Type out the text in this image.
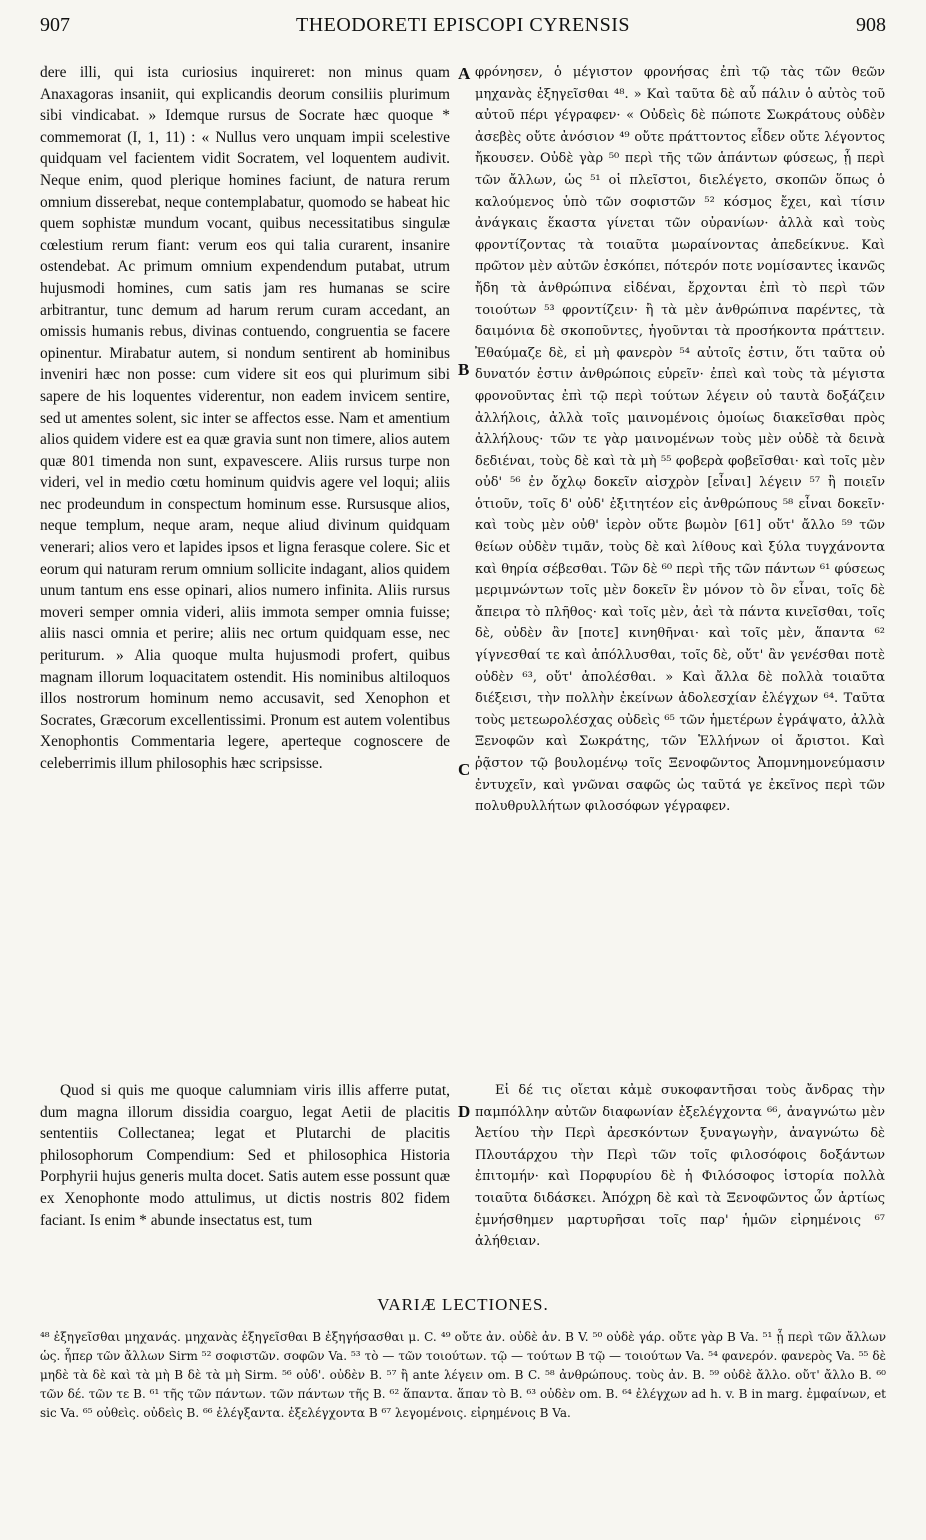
907	THEODORETI EPISCOPI CYRENSIS	908

dere illi, qui ista curiosius inquireret: non minus quam Anaxagoras insaniit, qui explicandis deorum consiliis plurimum sibi vindicabat. » Idemque rursus de Socrate hæc quoque * commemorat (I, 1, 11) : « Nullus vero unquam impii scelestive quidquam vel facientem vidit Socratem, vel loquentem audivit. Neque enim, quod plerique homines faciunt, de natura rerum omnium disserebat, neque contemplabatur, quomodo se habeat hic quem sophistæ mundum vocant, quibus necessitatibus singulæ cœlestium rerum fiant: verum eos qui talia curarent, insanire ostendebat. Ac primum omnium expendendum putabat, utrum hujusmodi homines, cum satis jam res humanas se scire arbitrantur, tunc demum ad harum rerum curam accedant, an omissis humanis rebus, divinas contuendo, congruentia se facere opinentur. Mirabatur autem, si nondum sentirent ab hominibus inveniri hæc non posse: cum videre sit eos qui plurimum sibi sapere de his loquentes viderentur, non eadem invicem sentire, sed ut amentes solent, sic inter se affectos esse. Nam et amentium alios quidem videre est ea quæ gravia sunt non timere, alios autem quæ 801 timenda non sunt, expavescere. Aliis rursus turpe non videri, vel in medio cœtu hominum quidvis agere vel loqui; aliis nec prodeundum in conspectum hominum esse. Rursusque alios, neque templum, neque aram, neque aliud divinum quidquam venerari; alios vero et lapides ipsos et ligna ferasque colere. Sic et eorum qui naturam rerum omnium sollicite indagant, alios quidem unum tantum ens esse opinari, alios numero infinita. Aliis rursus moveri semper omnia videri, aliis immota semper omnia fuisse; aliis nasci omnia et perire; aliis nec ortum quidquam esse, nec periturum. » Alia quoque multa hujusmodi profert, quibus magnam illorum loquacitatem ostendit. His nominibus altiloquos illos nostrorum hominum nemo accusavit, sed Xenophon et Socrates, Græcorum excellentissimi. Pronum est autem volentibus Xenophontis Commentaria legere, aperteque cognoscere de celeberrimis illum philosophis hæc scripsisse.

φρόνησεν, ὁ μέγιστον φρονήσας ἐπὶ τῷ τὰς τῶν θεῶν μηχανὰς ἐξηγεῖσθαι ⁴⁸. » Καὶ ταῦτα δὲ αὖ πάλιν ὁ αὐτὸς τοῦ αὐτοῦ πέρι γέγραφεν· « Οὐδεὶς δὲ πώποτε Σωκράτους οὐδὲν ἀσεβὲς οὔτε ἀνόσιον ⁴⁹ οὔτε πράττοντος εἶδεν οὔτε λέγοντος ἤκουσεν. Οὐδὲ γὰρ ⁵⁰ περὶ τῆς τῶν ἁπάντων φύσεως, ᾗ περὶ τῶν ἄλλων, ὡς ⁵¹ οἱ πλεῖστοι, διελέγετο, σκοπῶν ὅπως ὁ καλούμενος ὑπὸ τῶν σοφιστῶν ⁵² κόσμος ἔχει, καὶ τίσιν ἀνάγκαις ἕκαστα γίνεται τῶν οὐρανίων· ἀλλὰ καὶ τοὺς φροντίζοντας τὰ τοιαῦτα μωραίνοντας ἀπεδείκνυε. Καὶ πρῶτον μὲν αὐτῶν ἐσκόπει, πότερόν ποτε νομίσαντες ἱκανῶς ἤδη τὰ ἀνθρώπινα εἰδέναι, ἔρχονται ἐπὶ τὸ περὶ τῶν τοιούτων ⁵³ φροντίζειν· ἢ τὰ μὲν ἀνθρώπινα παρέντες, τὰ δαιμόνια δὲ σκοποῦντες, ἡγοῦνται τὰ προσήκοντα πράττειν. Ἐθαύμαζε δὲ, εἰ μὴ φανερὸν ⁵⁴ αὐτοῖς ἐστιν, ὅτι ταῦτα οὐ δυνατόν ἐστιν ἀνθρώποις εὑρεῖν· ἐπεὶ καὶ τοὺς τὰ μέγιστα φρονοῦντας ἐπὶ τῷ περὶ τούτων λέγειν οὐ ταυτὰ δοξάζειν ἀλλήλοις, ἀλλὰ τοῖς μαινομένοις ὁμοίως διακεῖσθαι πρὸς ἀλλήλους· τῶν τε γὰρ μαινομένων τοὺς μὲν οὐδὲ τὰ δεινὰ δεδιέναι, τοὺς δὲ καὶ τὰ μὴ ⁵⁵ φοβερὰ φοβεῖσθαι· καὶ τοῖς μὲν οὐδ' ⁵⁶ ἐν ὄχλῳ δοκεῖν αἰσχρὸν [εἶναι] λέγειν ⁵⁷ ἢ ποιεῖν ὁτιοῦν, τοῖς δ' οὐδ' ἐξιτητέον εἰς ἀνθρώπους ⁵⁸ εἶναι δοκεῖν· καὶ τοὺς μὲν οὐθ' ἱερὸν οὔτε βωμὸν [61] οὔτ' ἄλλο ⁵⁹ τῶν θείων οὐδὲν τιμᾶν, τοὺς δὲ καὶ λίθους καὶ ξύλα τυγχάνοντα καὶ θηρία σέβεσθαι. Τῶν δὲ ⁶⁰ περὶ τῆς τῶν πάντων ⁶¹ φύσεως μεριμνώντων τοῖς μὲν δοκεῖν ἓν μόνον τὸ ὂν εἶναι, τοῖς δὲ ἄπειρα τὸ πλῆθος· καὶ τοῖς μὲν, ἀεὶ τὰ πάντα κινεῖσθαι, τοῖς δὲ, οὐδὲν ἂν [ποτε] κινηθῆναι· καὶ τοῖς μὲν, ἅπαντα ⁶² γίγνεσθαί τε καὶ ἀπόλλυσθαι, τοῖς δὲ, οὔτ' ἂν γενέσθαι ποτὲ οὐδὲν ⁶³, οὔτ' ἀπολέσθαι. » Καὶ ἄλλα δὲ πολλὰ τοιαῦτα διέξεισι, τὴν πολλὴν ἐκείνων ἀδολεσχίαν ἐλέγχων ⁶⁴. Ταῦτα τοὺς μετεωρολέσχας οὐδεὶς ⁶⁵ τῶν ἡμετέρων ἐγράψατο, ἀλλὰ Ξενοφῶν καὶ Σωκράτης, τῶν Ἑλλήνων οἱ ἄριστοι. Καὶ ῥᾷστον τῷ βουλομένῳ τοῖς Ξενοφῶντος Ἀπομνημονεύμασιν ἐντυχεῖν, καὶ γνῶναι σαφῶς ὡς ταῦτά γε ἐκεῖνος περὶ τῶν πολυθρυλλήτων φιλοσόφων γέγραφεν.

A
B
C
D

Quod si quis me quoque calumniam viris illis afferre putat, dum magna illorum dissidia coarguo, legat Aetii de placitis sententiis Collectanea; legat et Plutarchi de placitis philosophorum Compendium: Sed et philosophica Historia Porphyrii hujus generis multa docet. Satis autem esse possunt quæ ex Xenophonte modo attulimus, ut dictis nostris 802 fidem faciant. Is enim * abunde insectatus est, tum

Εἰ δέ τις οἴεται κἀμὲ συκοφαντῆσαι τοὺς ἄνδρας τὴν παμπόλλην αὐτῶν διαφωνίαν ἐξελέγχοντα ⁶⁶, ἀναγνώτω μὲν Ἀετίου τὴν Περὶ ἀρεσκόντων ξυναγωγὴν, ἀναγνώτω δὲ Πλουτάρχου τὴν Περὶ τῶν τοῖς φιλοσόφοις δοξάντων ἐπιτομήν· καὶ Πορφυρίου δὲ ἡ Φιλόσοφος ἱστορία πολλὰ τοιαῦτα διδάσκει. Ἀπόχρη δὲ καὶ τὰ Ξενοφῶντος ὧν ἀρτίως ἐμνήσθημεν μαρτυρῆσαι τοῖς παρ' ἡμῶν εἰρημένοις ⁶⁷ ἀλήθειαν.

VARIÆ LECTIONES.
⁴⁸ ἐξηγεῖσθαι μηχανάς. μηχανὰς ἐξηγεῖσθαι B ἐξηγήσασθαι μ. C. ⁴⁹ οὔτε ἀν. οὐδὲ ἀν. B V. ⁵⁰ οὐδὲ γάρ. οὔτε γὰρ B Va. ⁵¹ ᾗ περὶ τῶν ἄλλων ὡς. ἧπερ τῶν ἄλλων Sirm ⁵² σοφιστῶν. σοφῶν Va. ⁵³ τὸ — τῶν τοιούτων. τῷ — τούτων B τῷ — τοιούτων Va. ⁵⁴ φανερόν. φανερὸς Va. ⁵⁵ δὲ μηδὲ τὰ δὲ καὶ τὰ μὴ B δὲ τὰ μὴ Sirm. ⁵⁶ οὐδ'. οὐδὲν B. ⁵⁷ ἢ ante λέγειν om. B C. ⁵⁸ ἀνθρώπους. τοὺς ἀν. B. ⁵⁹ οὐδὲ ἄλλο. οὔτ' ἄλλο B. ⁶⁰ τῶν δέ. τῶν τε B. ⁶¹ τῆς τῶν πάντων. τῶν πάντων τῆς B. ⁶² ἅπαντα. ἅπαν τὸ B. ⁶³ οὐδὲν om. B. ⁶⁴ ἐλέγχων ad h. v. B in marg. ἐμφαίνων, et sic Va. ⁶⁵ οὐθεὶς. οὐδεὶς B. ⁶⁶ ἐλέγξαντα. ἐξελέγχοντα B ⁶⁷ λεγομένοις. εἰρημένοις B Va.
